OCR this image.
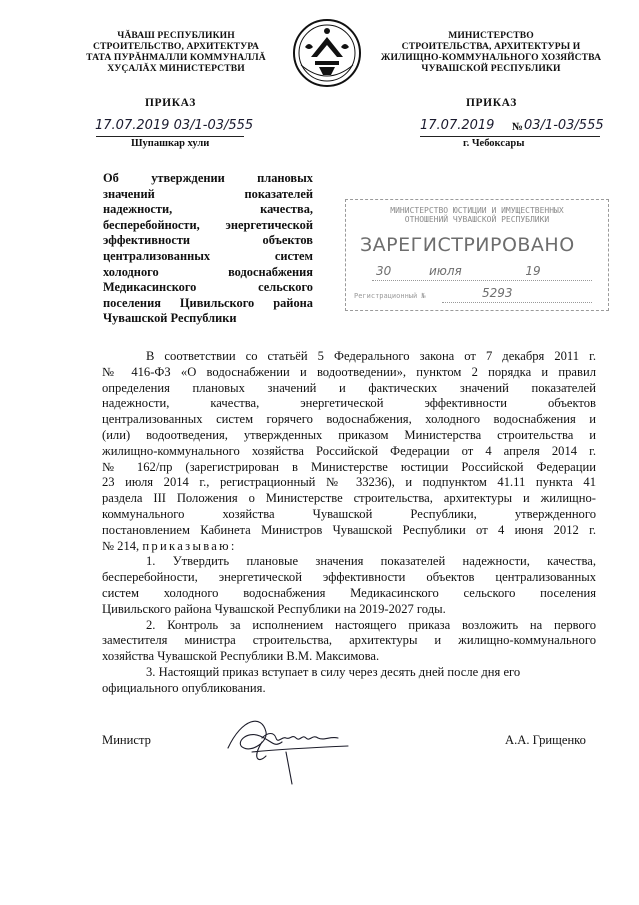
ЧĂВАШ РЕСПУБЛИКИН
СТРОИТЕЛЬСТВО, АРХИТЕКТУРА
ТАТА ПУРĂНМАЛЛИ КОММУНАЛЛĂ
ХУÇАЛĂХ МИНИСТЕРСТВИ
МИНИСТЕРСТВО
СТРОИТЕЛЬСТВА, АРХИТЕКТУРЫ И
ЖИЛИЩНО-КОММУНАЛЬНОГО ХОЗЯЙСТВА
ЧУВАШСКОЙ РЕСПУБЛИКИ
ПРИКАЗ	ПРИКАЗ
17.07.2019 03/1-03/555
Шупашкар хули
17.07.2019 № 03/1-03/555
г. Чебоксары
Об	утверждении	плановых
значений	показателей
надежности,	качества,
бесперебойности, энергетической
эффективности	объектов
централизованных	систем
холодного	водоснабжения
Медикасинского	сельского
поселения Цивильского района
Чувашской Республики
МИНИСТЕРСТВО ЮСТИЦИИ И ИМУЩЕСТВЕННЫХ
ОТНОШЕНИЙ ЧУВАШСКОЙ РЕСПУБЛИКИ
ЗАРЕГИСТРИРОВАНО
30	июля	19
Регистрационный №	5293

В соответствии со статьёй 5 Федерального закона от 7 декабря 2011 г.

№ 416-ФЗ «О водоснабжении и водоотведении», пунктом 2 порядка и правил

определения плановых значений и фактических значений показателей

надежности, качества, энергетической эффективности объектов

централизованных систем горячего водоснабжения, холодного водоснабжения и

(или) водоотведения, утвержденных приказом Министерства строительства и

жилищно-коммунального хозяйства Российской Федерации от 4 апреля 2014 г.

№ 162/пр (зарегистрирован в Министерстве юстиции Российской Федерации

23 июля 2014 г., регистрационный № 33236), и подпунктом 41.11 пункта 41

раздела III Положения о Министерстве строительства, архитектуры и жилищно-

коммунального хозяйства Чувашской Республики, утвержденного

постановлением Кабинета Министров Чувашской Республики от 4 июня 2012 г.

№ 214, приказываю:

1. Утвердить плановые значения показателей надежности, качества,

бесперебойности, энергетической эффективности объектов централизованных

систем холодного водоснабжения Медикасинского сельского поселения

Цивильского района Чувашской Республики на 2019-2027 годы.

2. Контроль за исполнением настоящего приказа возложить на первого

заместителя министра строительства, архитектуры и жилищно-коммунального

хозяйства Чувашской Республики В.М. Максимова.

3. Настоящий приказ вступает в силу через десять дней после дня его

официального опубликования.

Министр	А.А. Грищенко
